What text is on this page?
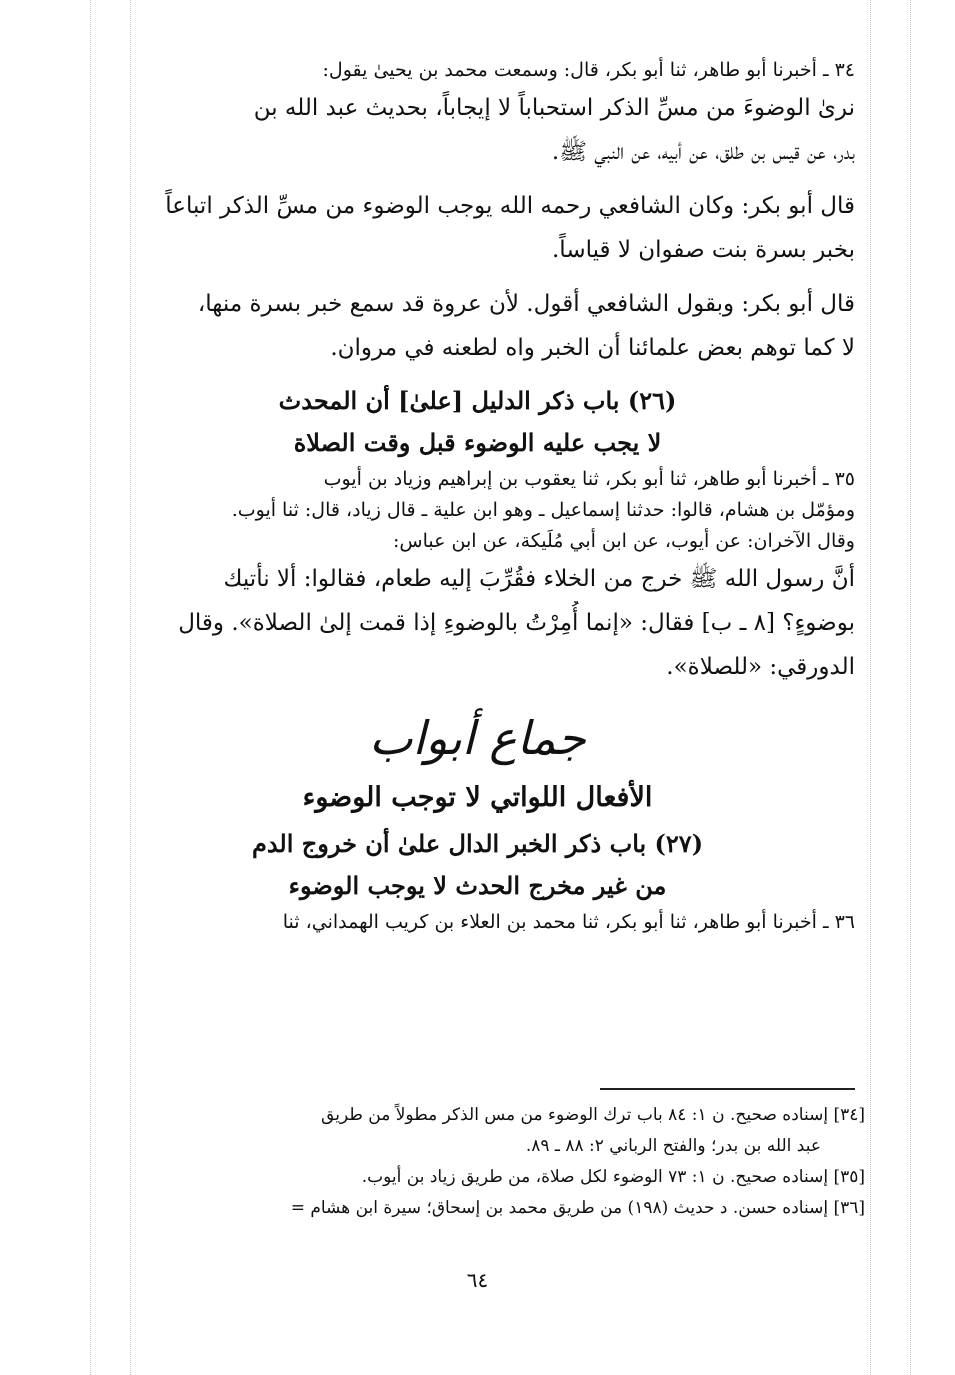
٣٤ ـ أخبرنا أبو طاهر، ثنا أبو بكر، قال: وسمعت محمد بن يحيىٰ يقول:
نرىٰ الوضوءَ من مسِّ الذكر استحباباً لا إيجاباً، بحديث عبد الله بن
بدر، عن قيس بن طلق، عن أبيه، عن النبي ﷺ.
قال أبو بكر: وكان الشافعي رحمه الله يوجب الوضوء من مسِّ الذكر اتباعاً
بخبر بسرة بنت صفوان لا قياساً.
قال أبو بكر: وبقول الشافعي أقول. لأن عروة قد سمع خبر بسرة منها،
لا كما توهم بعض علمائنا أن الخبر واه لطعنه في مروان.
(٢٦) باب ذكر الدليل [علىٰ] أن المحدث
لا يجب عليه الوضوء قبل وقت الصلاة
٣٥ ـ أخبرنا أبو طاهر، ثنا أبو بكر، ثنا يعقوب بن إبراهيم وزياد بن أيوب
ومؤمّل بن هشام، قالوا: حدثنا إسماعيل ـ وهو ابن علية ـ قال زياد، قال: ثنا أيوب.
وقال الآخران: عن أيوب، عن ابن أبي مُلَيكة، عن ابن عباس:
أنَّ رسول الله ﷺ خرج من الخلاء فقُرِّبَ إليه طعام، فقالوا: ألا نأتيك
بوضوءٍ؟ [٨ ـ ب] فقال: «إنما أُمِرْتُ بالوضوءِ إذا قمت إلىٰ الصلاة». وقال
الدورقي: «للصلاة».
جماع أبواب
الأفعال اللواتي لا توجب الوضوء
(٢٧) باب ذكر الخبر الدال علىٰ أن خروج الدم
من غير مخرج الحدث لا يوجب الوضوء
٣٦ ـ أخبرنا أبو طاهر، ثنا أبو بكر، ثنا محمد بن العلاء بن كريب الهمداني، ثنا
[٣٤] إسناده صحيح. ن ١: ٨٤ باب ترك الوضوء من مس الذكر مطولاً من طريق
عبد الله بن بدر؛ والفتح الرباني ٢: ٨٨ ـ ٨٩.
[٣٥] إسناده صحيح. ن ١: ٧٣ الوضوء لكل صلاة، من طريق زياد بن أيوب.
[٣٦] إسناده حسن. د حديث (١٩٨) من طريق محمد بن إسحاق؛ سيرة ابن هشام =
٦٤
